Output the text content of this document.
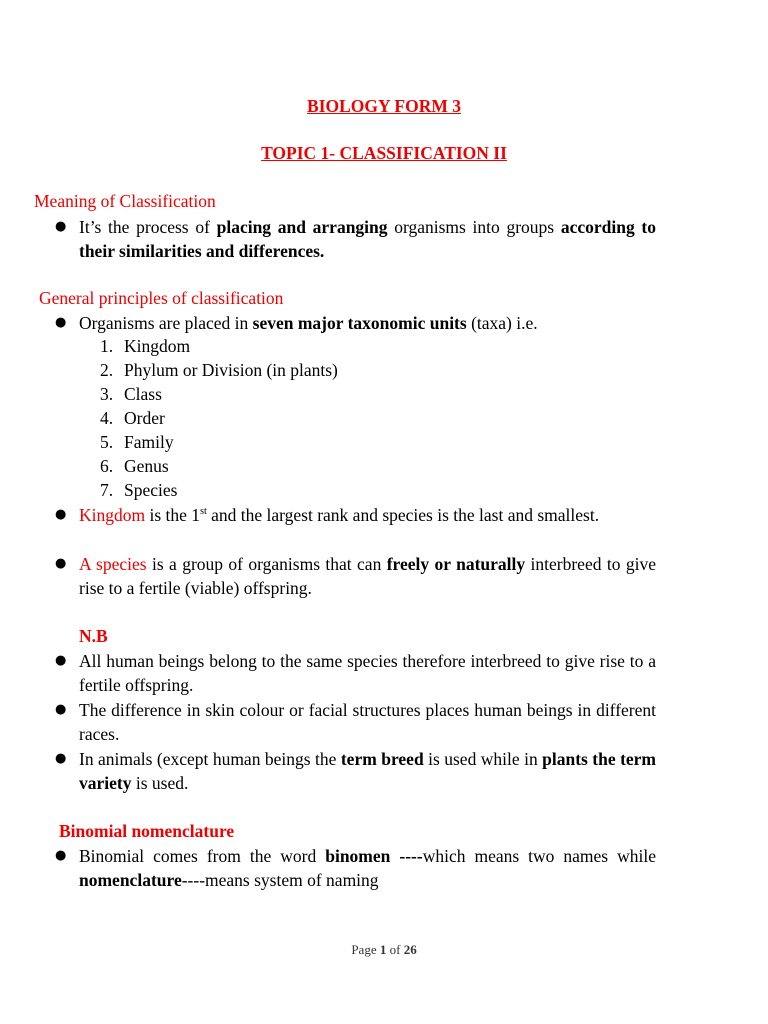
BIOLOGY FORM 3
TOPIC 1- CLASSIFICATION II
Meaning of Classification
● It’s the process of placing and arranging organisms into groups according to their similarities and differences.
General principles of classification
● Organisms are placed in seven major taxonomic units (taxa) i.e.
1. Kingdom
2. Phylum or Division (in plants)
3. Class
4. Order
5. Family
6. Genus
7. Species
● Kingdom is the 1st and the largest rank and species is the last and smallest.
● A species is a group of organisms that can freely or naturally interbreed to give rise to a fertile (viable) offspring.
N.B
● All human beings belong to the same species therefore interbreed to give rise to a fertile offspring.
● The difference in skin colour or facial structures places human beings in different races.
● In animals (except human beings the term breed is used while in plants the term variety is used.
Binomial nomenclature
● Binomial comes from the word binomen ----which means two names while nomenclature----means system of naming
Page 1 of 26
